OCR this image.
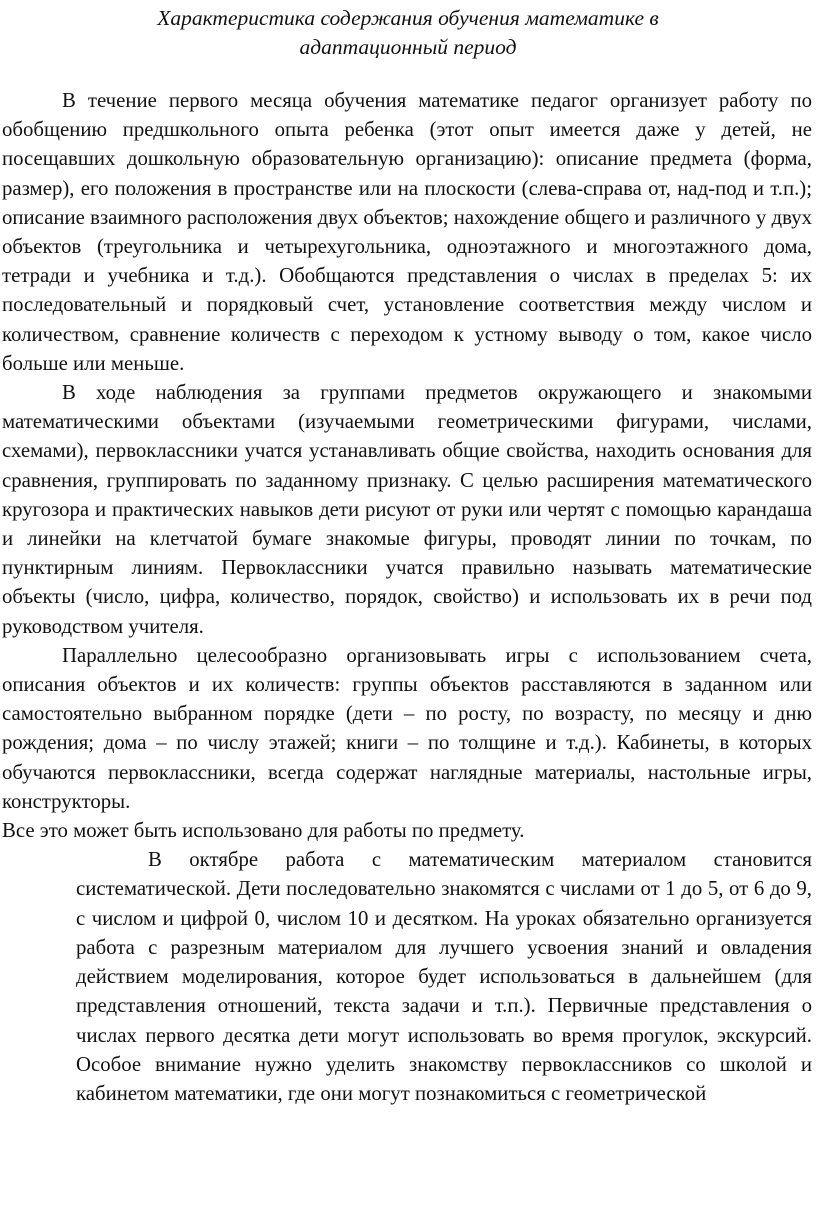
Характеристика содержания обучения математике в
адаптационный период

В течение первого месяца обучения математике педагог организует работу по обобщению предшкольного опыта ребенка (этот опыт имеется даже у детей, не посещавших дошкольную образовательную организацию): описание предмета (форма, размер), его положения в пространстве или на плоскости (слева-справа от, над-под и т.п.); описание взаимного расположения двух объектов; нахождение общего и различного у двух объектов (треугольника и четырехугольника, одноэтажного и многоэтажного дома, тетради и учебника и т.д.). Обобщаются представления о числах в пределах 5: их последовательный и порядковый счет, установление соответствия между числом и количеством, сравнение количеств с переходом к устному выводу о том, какое число больше или меньше.

В ходе наблюдения за группами предметов окружающего и знакомыми математическими объектами (изучаемыми геометрическими фигурами, числами, схемами), первоклассники учатся устанавливать общие свойства, находить основания для сравнения, группировать по заданному признаку. С целью расширения математического кругозора и практических навыков дети рисуют от руки или чертят с помощью карандаша и линейки на клетчатой бумаге знакомые фигуры, проводят линии по точкам, по пунктирным линиям. Первоклассники учатся правильно называть математические объекты (число, цифра, количество, порядок, свойство) и использовать их в речи под руководством учителя.

Параллельно целесообразно организовывать игры с использованием счета, описания объектов и их количеств: группы объектов расставляются в заданном или самостоятельно выбранном порядке (дети – по росту, по возрасту, по месяцу и дню рождения; дома – по числу этажей; книги – по толщине и т.д.). Кабинеты, в которых обучаются первоклассники, всегда содержат наглядные материалы, настольные игры, конструкторы.

Все это может быть использовано для работы по предмету.

В октябре работа с математическим материалом становится систематической. Дети последовательно знакомятся с числами от 1 до 5, от 6 до 9, с числом и цифрой 0, числом 10 и десятком. На уроках обязательно организуется работа с разрезным материалом для лучшего усвоения знаний и овладения действием моделирования, которое будет использоваться в дальнейшем (для представления отношений, текста задачи и т.п.). Первичные представления о числах первого десятка дети могут использовать во время прогулок, экскурсий. Особое внимание нужно уделить знакомству первоклассников со школой и кабинетом математики, где они могут познакомиться с геометрической
